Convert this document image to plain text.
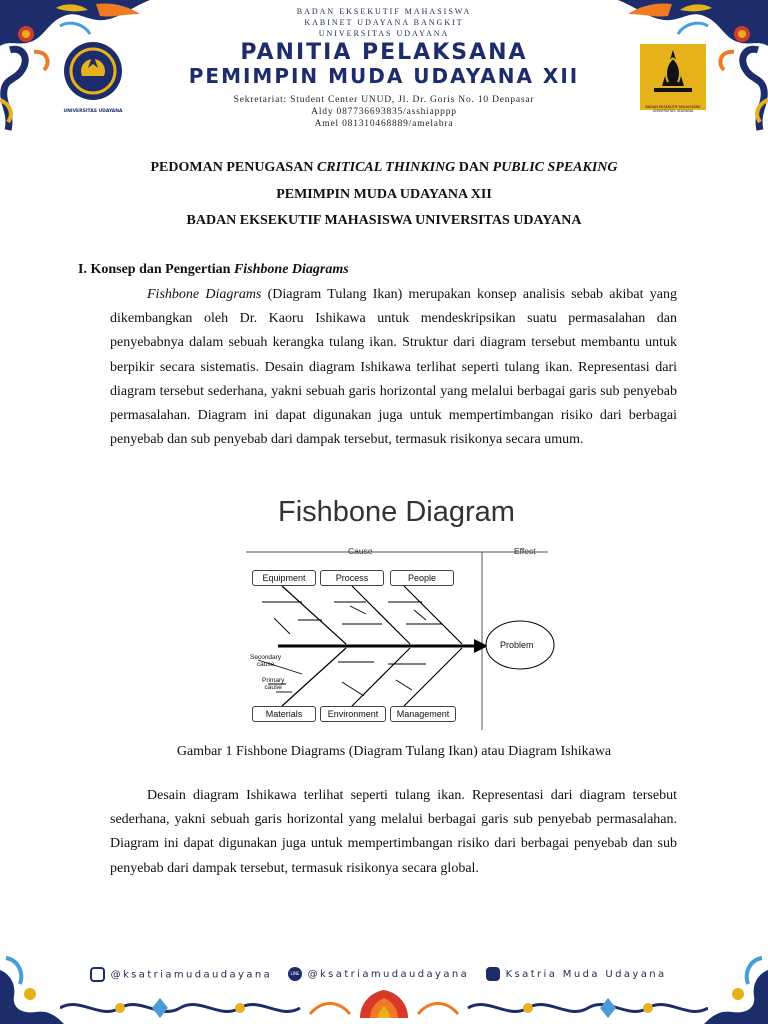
UNIVERSITAS UDAYANA
BADAN EKSEKUTIF MAHASISWA UNIVERSITAS UDAYANA
BADAN EKSEKUTIF MAHASISWA
KABINET UDAYANA BANGKIT
UNIVERSITAS UDAYANA
PANITIA PELAKSANA
PEMIMPIN MUDA UDAYANA XII
Sekretariat: Student Center UNUD, Jl. Dr. Goris No. 10 Denpasar
Aldy 087736693835/asshiapppp
Amel 081310468889/amelabra
PEDOMAN PENUGASAN CRITICAL THINKING DAN PUBLIC SPEAKING
PEMIMPIN MUDA UDAYANA XII
BADAN EKSEKUTIF MAHASISWA UNIVERSITAS UDAYANA
I. Konsep dan Pengertian Fishbone Diagrams
Fishbone Diagrams (Diagram Tulang Ikan) merupakan konsep analisis sebab akibat yang dikembangkan oleh Dr. Kaoru Ishikawa untuk mendeskripsikan suatu permasalahan dan penyebabnya dalam sebuah kerangka tulang ikan. Struktur dari diagram tersebut membantu untuk berpikir secara sistematis. Desain diagram Ishikawa terlihat seperti tulang ikan. Representasi dari diagram tersebut sederhana, yakni sebuah garis horizontal yang melalui berbagai garis sub penyebab permasalahan. Diagram ini dapat digunakan juga untuk mempertimbangan risiko dari berbagai penyebab dan sub penyebab dari dampak tersebut, termasuk risikonya secara umum.
Fishbone Diagram
Equipment	Process	People
Materials	Environment	Management
Cause	Effect
Problem
Secondary
cause
Primary
cause
Gambar 1 Fishbone Diagrams (Diagram Tulang Ikan) atau Diagram Ishikawa
Desain diagram Ishikawa terlihat seperti tulang ikan. Representasi dari diagram tersebut sederhana, yakni sebuah garis horizontal yang melalui berbagai garis sub penyebab permasalahan. Diagram ini dapat digunakan juga untuk mempertimbangan risiko dari berbagai penyebab dan sub penyebab dari dampak tersebut, termasuk risikonya secara global.
@ksatriamudaudayana	LINE @ksatriamudaudayana	Ksatria Muda Udayana
